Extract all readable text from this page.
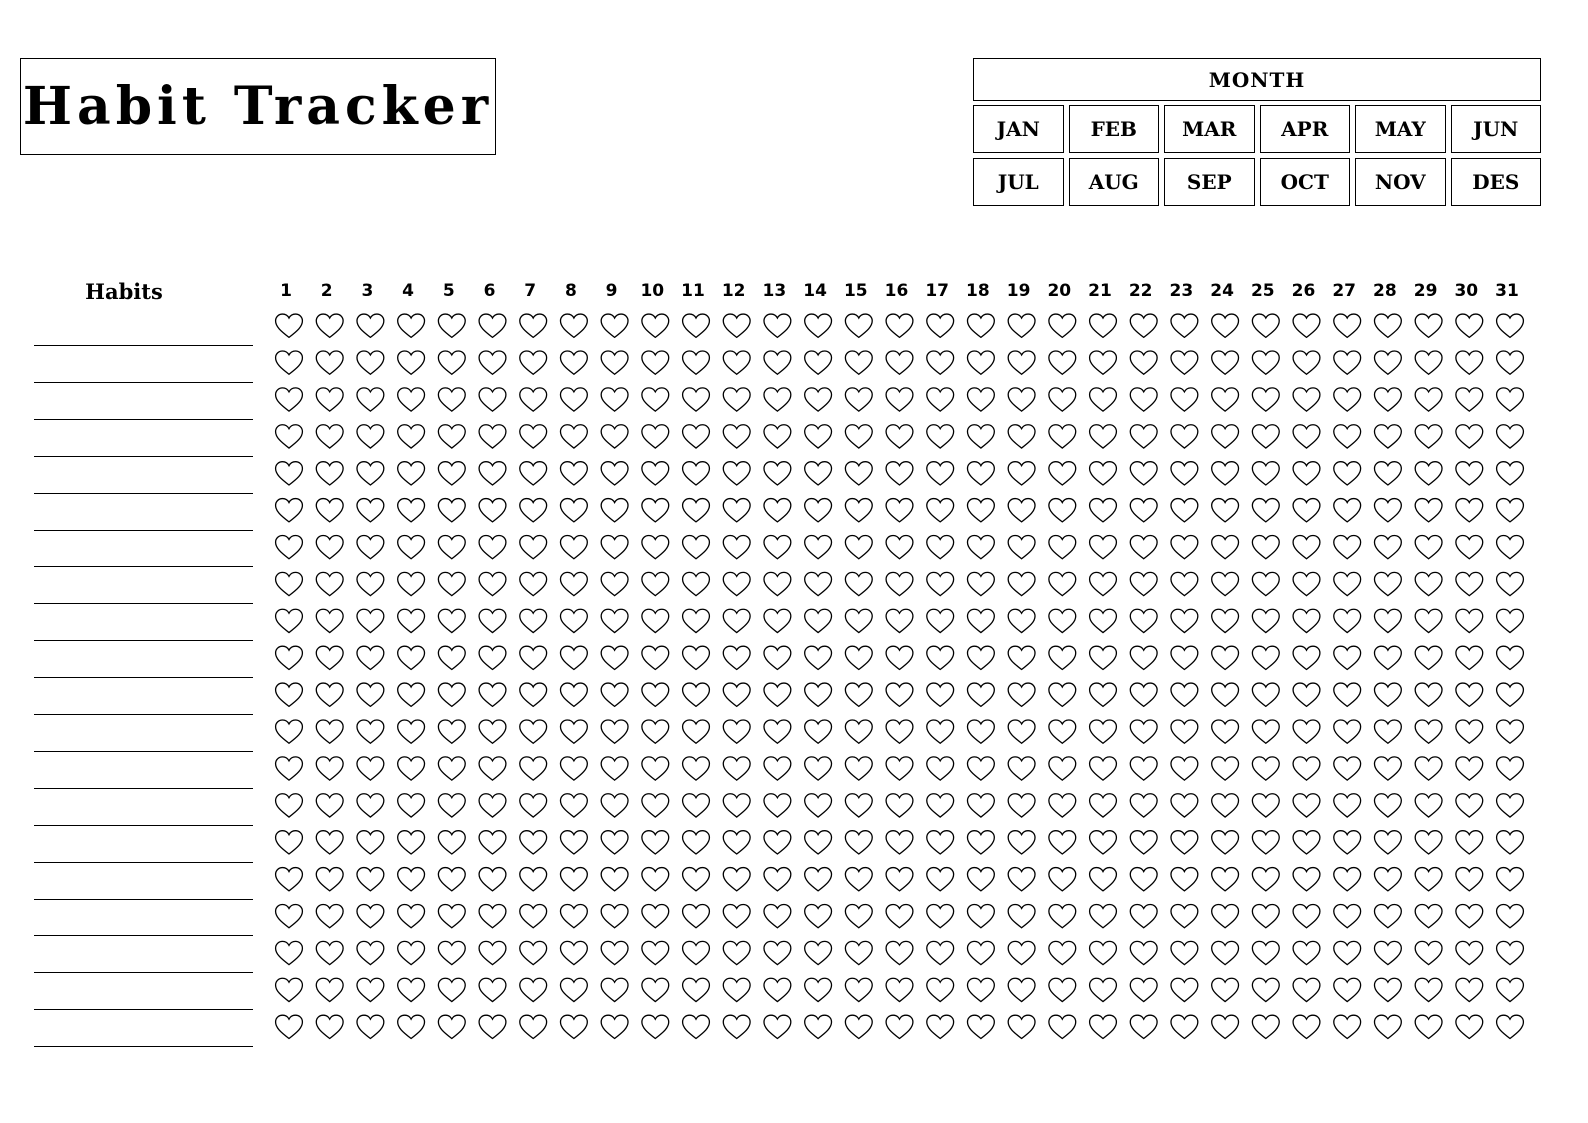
Habit Tracker	MONTH
JAN	FEB	MAR	APR	MAY	JUN
JUL	AUG	SEP	OCT	NOV	DES
Habits	1	2	3	4	5	6	7	8	9	10 11 12 13 14 15 16 17 18 19 20 21 22 23 24 25 26 27 28 29 30 31
